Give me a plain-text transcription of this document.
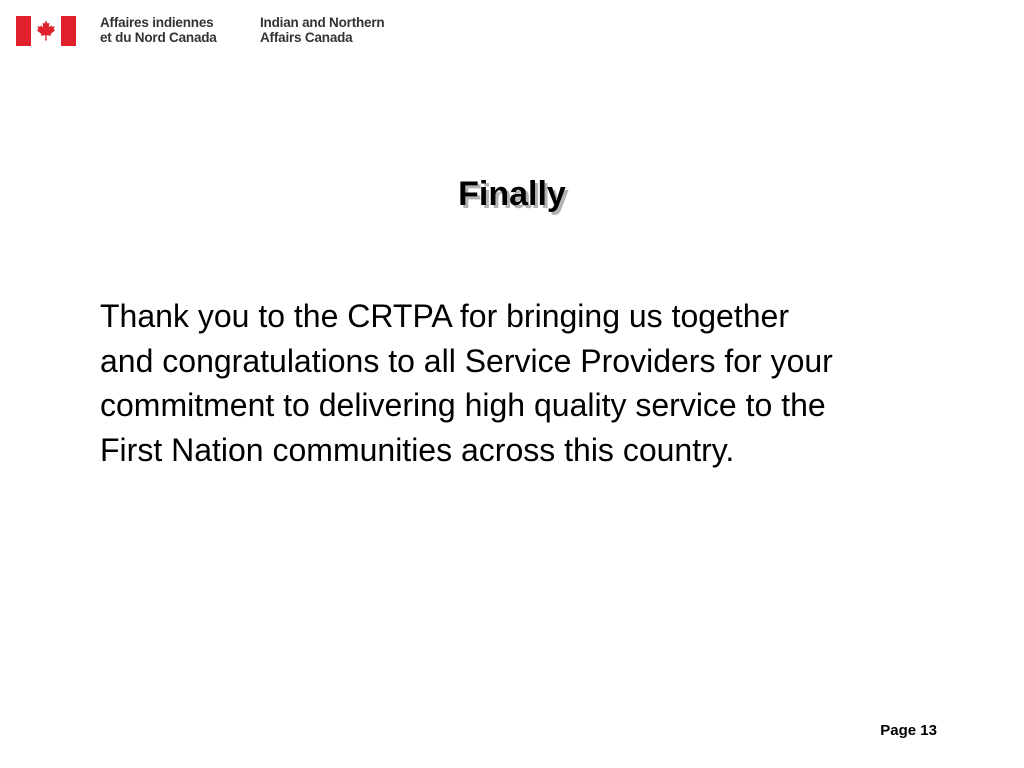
Affaires indiennes
et du Nord Canada
Indian and Northern
Affairs Canada
Finally
Thank you to the CRTPA for bringing us together
and congratulations to all Service Providers for your
commitment to delivering high quality service to the
First Nation communities across this country.
Page 13
